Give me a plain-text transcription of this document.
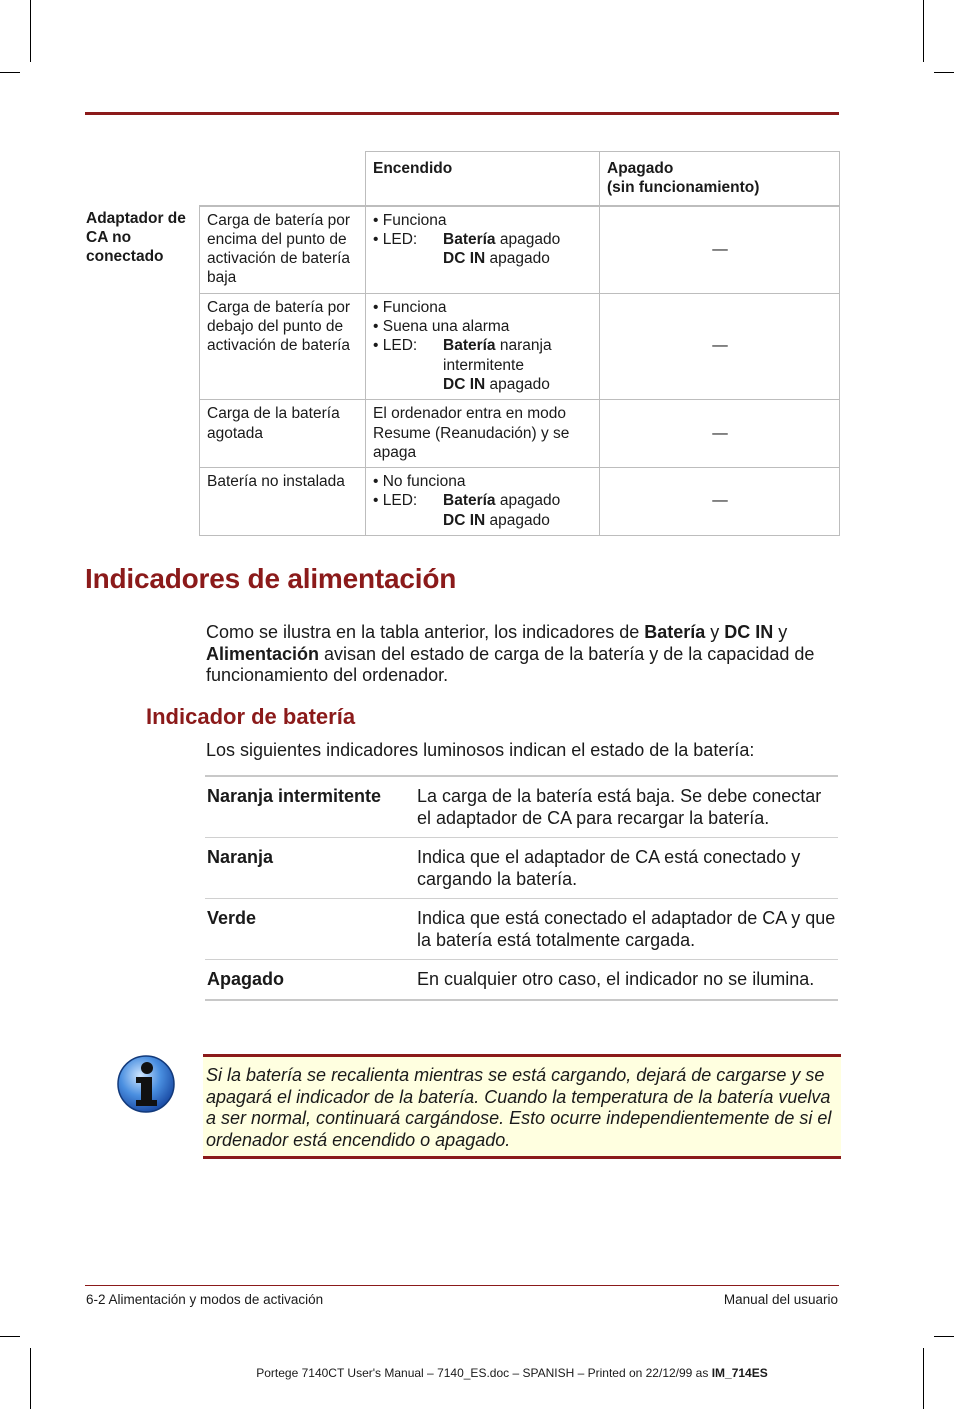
		Encendido	Apagado
(sin funcionamiento)
Adaptador de CA no conectado	Carga de batería por encima del punto de activación de batería baja	• Funciona
• LED: Batería apagado
DC IN apagado	—
	Carga de batería por debajo del punto de activación de batería	• Funciona
• Suena una alarma
• LED: Batería naranja intermitente
DC IN apagado	—
	Carga de la batería agotada	El ordenador entra en modo Resume (Reanudación) y se apaga	—
	Batería no instalada	• No funciona
• LED: Batería apagado
DC IN apagado	—
Indicadores de alimentación

Como se ilustra en la tabla anterior, los indicadores de Batería y DC IN y Alimentación avisan del estado de carga de la batería y de la capacidad de funcionamiento del ordenador.

Indicador de batería

Los siguientes indicadores luminosos indican el estado de la batería:

Naranja intermitente	La carga de la batería está baja. Se debe conectar el adaptador de CA para recargar la batería.
Naranja	Indica que el adaptador de CA está conectado y cargando la batería.
Verde	Indica que está conectado el adaptador de CA y que la batería está totalmente cargada.
Apagado	En cualquier otro caso, el indicador no se ilumina.

Si la batería se recalienta mientras se está cargando, dejará de cargarse y se apagará el indicador de la batería. Cuando la temperatura de la batería vuelva a ser normal, continuará cargándose. Esto ocurre independientemente de si el ordenador está encendido o apagado.

6-2 Alimentación y modos de activación	Manual del usuario
Portege 7140CT User's Manual – 7140_ES.doc – SPANISH – Printed on 22/12/99 as IM_714ES
